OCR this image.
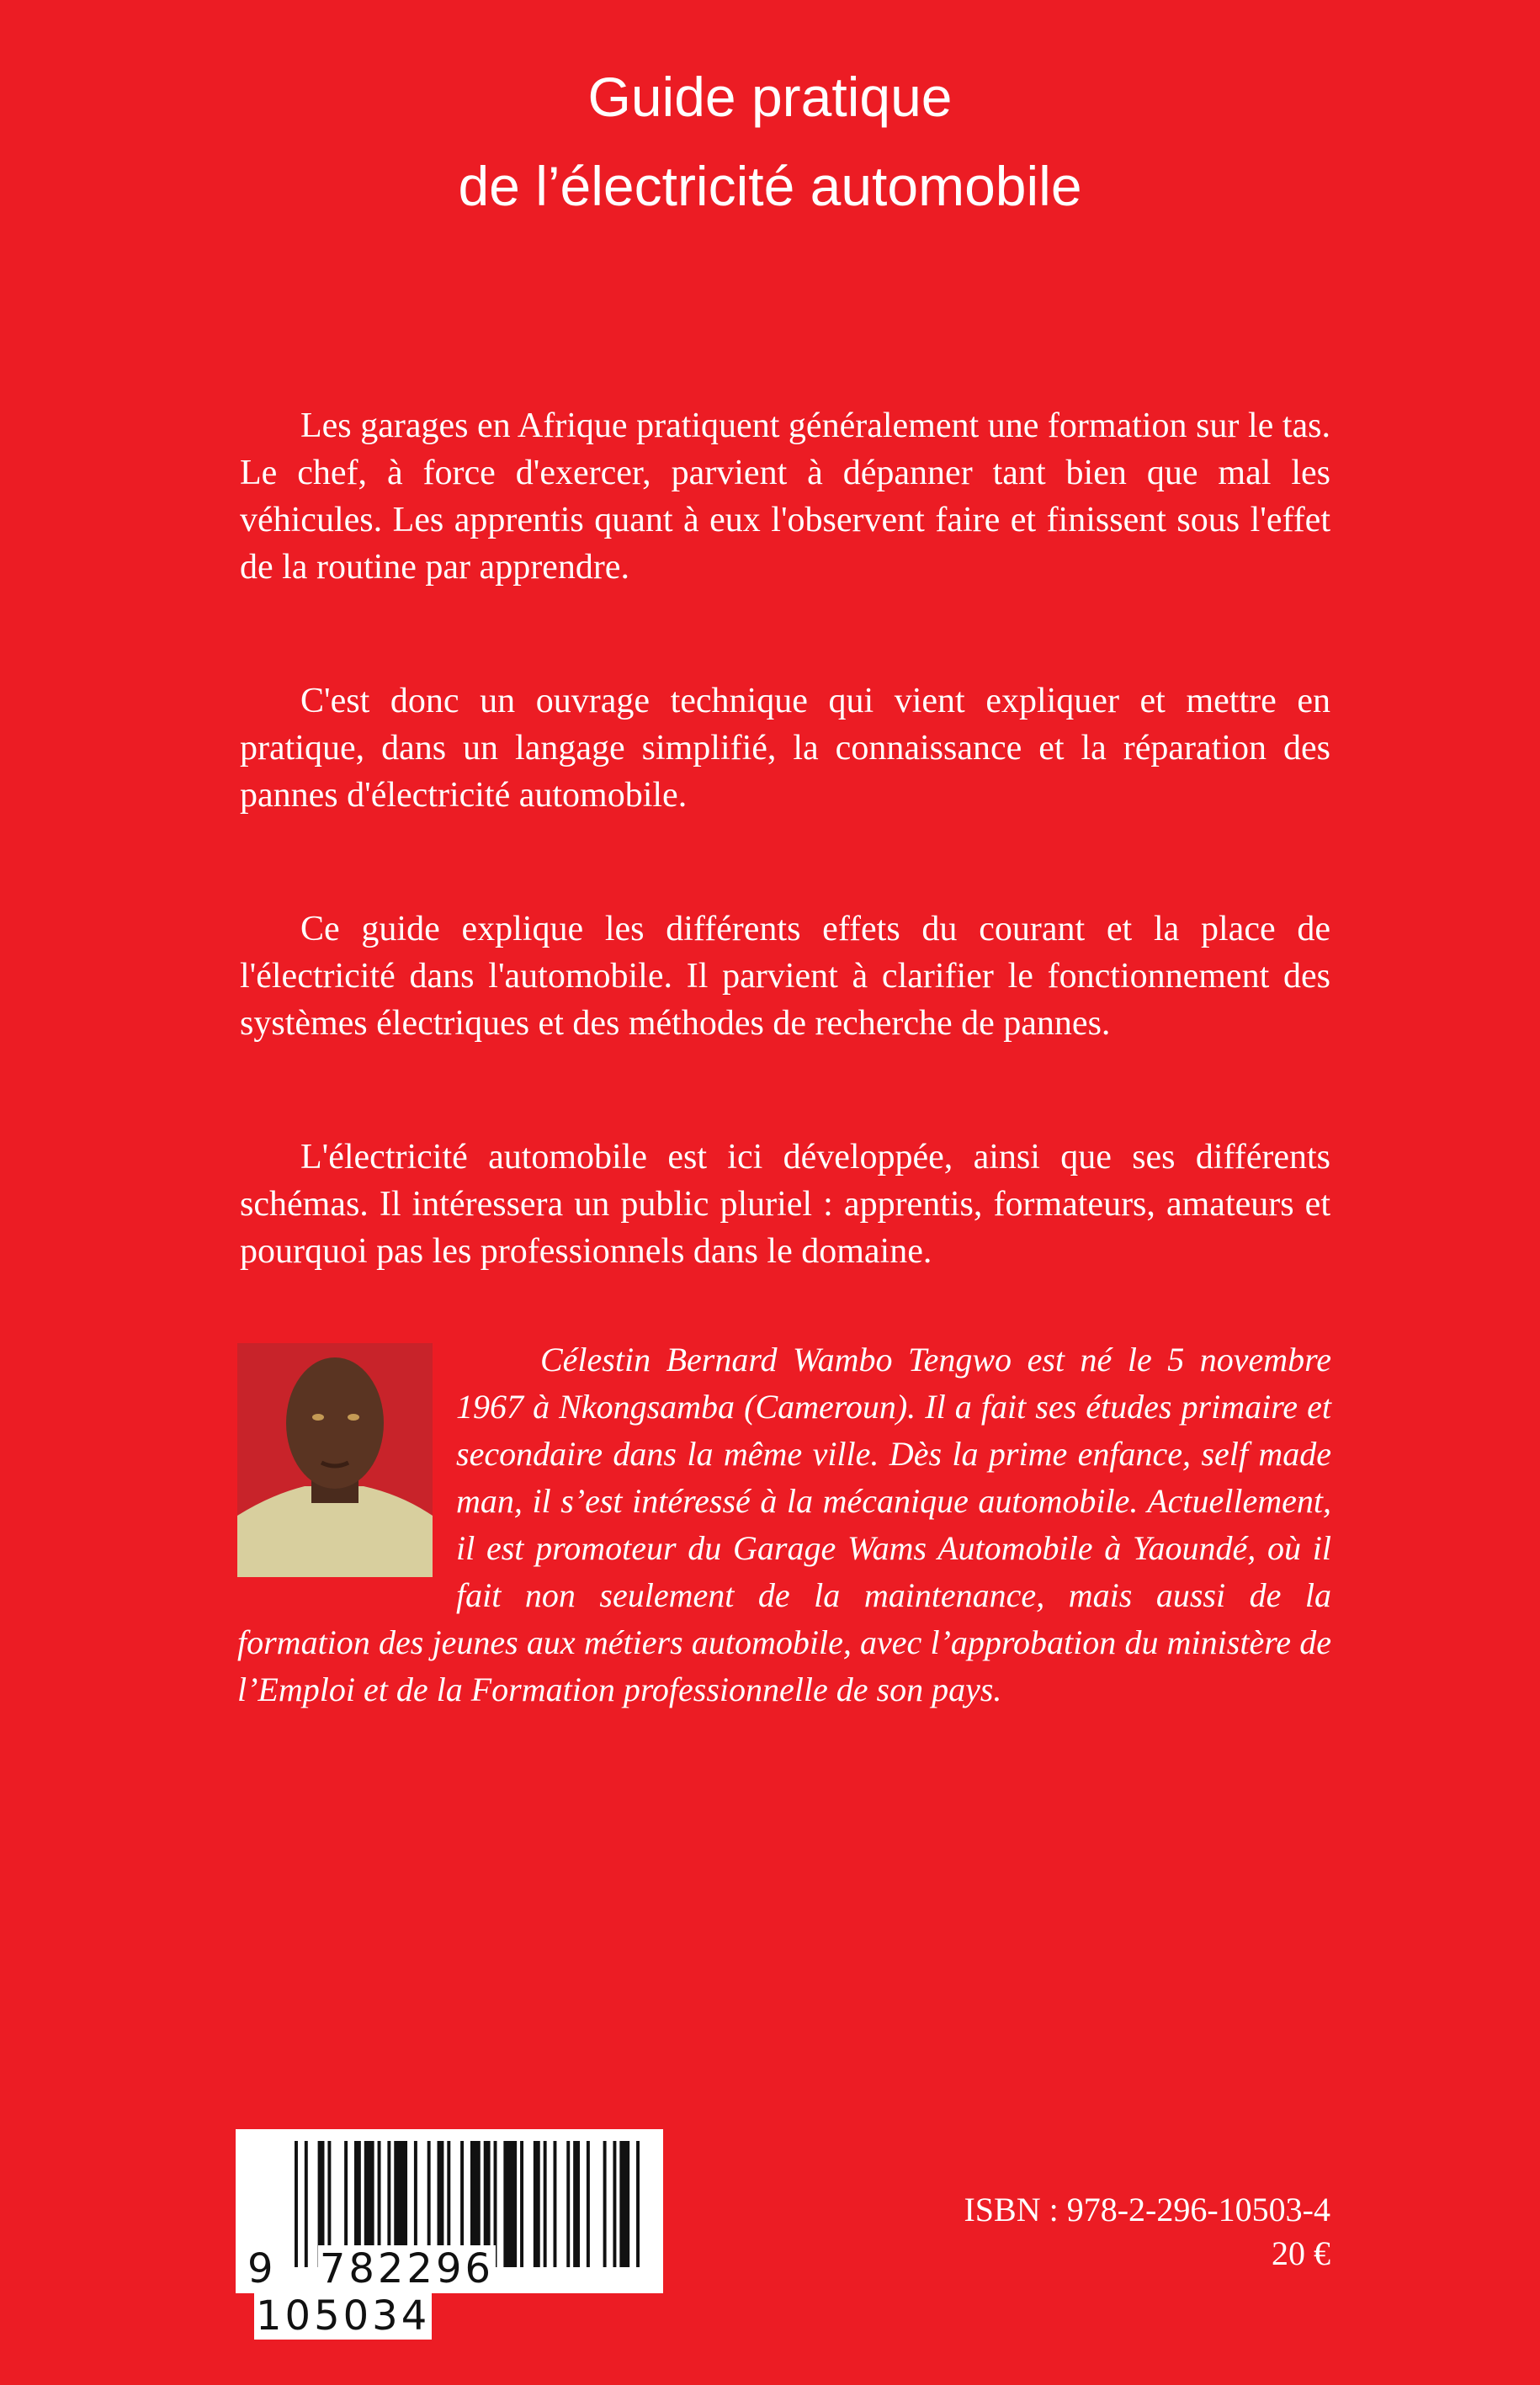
Guide pratique
de l’électricité automobile

Les garages en Afrique pratiquent généralement une formation sur le tas. Le chef, à force d'exercer, parvient à dépanner tant bien que mal les véhicules. Les apprentis quant à eux l'observent faire et finissent sous l'effet de la routine par apprendre.

C'est donc un ouvrage technique qui vient expliquer et mettre en pratique, dans un langage simplifié, la connaissance et la réparation des pannes d'électricité automobile.

Ce guide explique les différents effets du courant et la place de l'électricité dans l'automobile. Il parvient à clarifier le fonctionnement des systèmes électriques et des méthodes de recherche de pannes.

L'électricité automobile est ici développée, ainsi que ses différents schémas. Il intéressera un public pluriel : apprentis, formateurs, amateurs et pourquoi pas les professionnels dans le domaine.

Célestin Bernard Wambo Tengwo est né le 5 novembre 1967 à Nkongsamba (Cameroun). Il a fait ses études primaire et secondaire dans la même ville. Dès la prime enfance, self made man, il s’est intéressé à la mécanique automobile. Actuellement, il est promoteur du Garage Wams Automobile à Yaoundé, où il fait non seulement de la maintenance, mais aussi de la formation des jeunes aux métiers automobile, avec l’approbation du ministère de l’Emploi et de la Formation professionnelle de son pays.
9 782296 105034
ISBN : 978-2-296-10503-4
20 €
